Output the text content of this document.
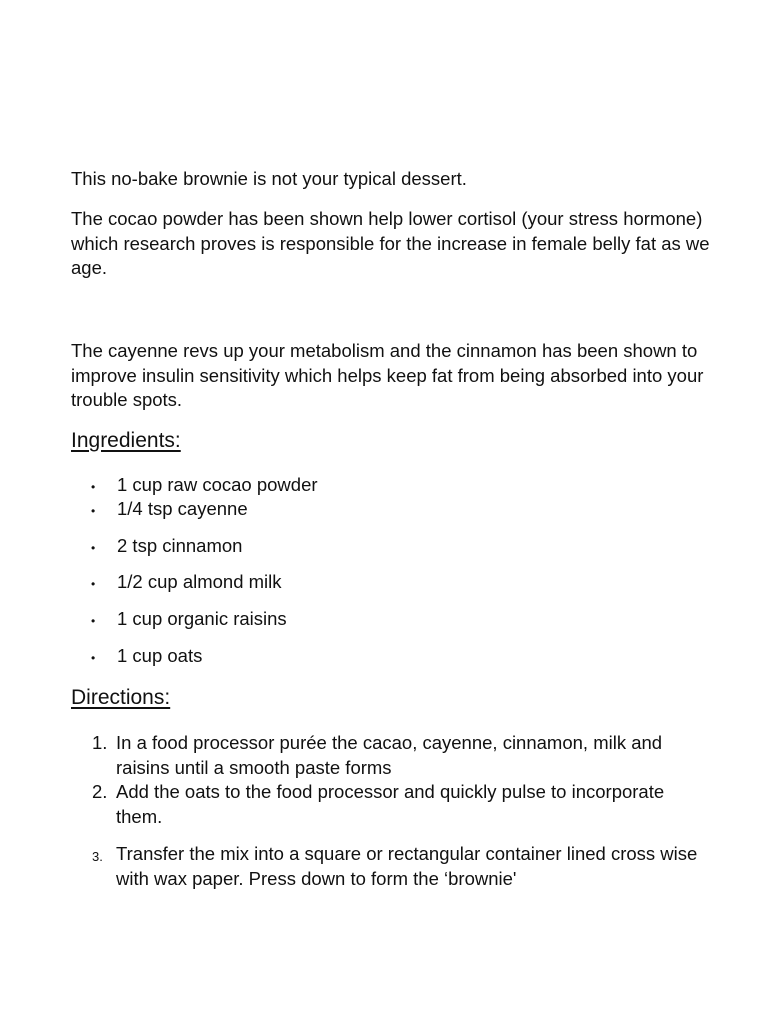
This no-bake brownie is not your typical dessert.

The cocao powder has been shown help lower cortisol (your stress hormone) which research proves is responsible for the increase in female belly fat as we age.

The cayenne revs up your metabolism and the cinnamon has been shown to improve insulin sensitivity which helps keep fat from being absorbed into your trouble spots.

Ingredients:
•	1 cup raw cocao powder
•	1/4 tsp cayenne
•	2 tsp cinnamon
•	1/2 cup almond milk
•	1 cup organic raisins
•	1 cup oats
Directions:
1. In a food processor purée the cacao, cayenne, cinnamon, milk and raisins until a smooth paste forms
2. Add the oats to the food processor and quickly pulse to incorporate them.
3. Transfer the mix into a square or rectangular container lined cross wise with wax paper. Press down to form the ‘brownie'
